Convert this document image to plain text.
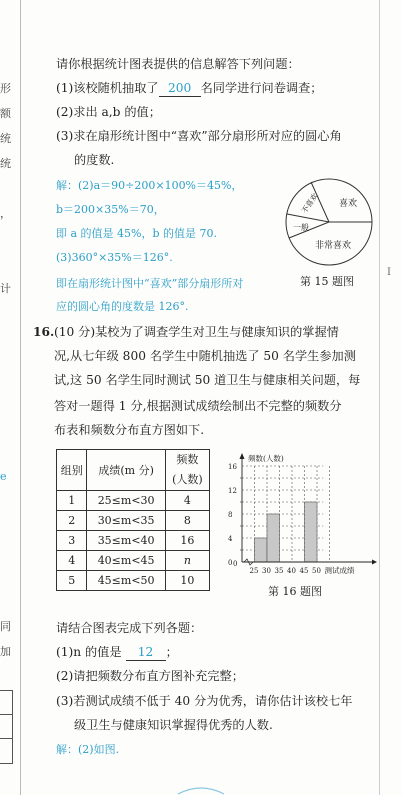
形
额
统
统
，
计
e
同
加
I
请你根据统计图表提供的信息解答下列问题：
(1)该校随机抽取了 200 名同学进行问卷调查；
(2)求出 a,b 的值；
(3)求在扇形统计图中“喜欢”部分扇形所对应的圆心角
的度数.
解：(2)a＝90÷200×100%＝45%，
b＝200×35%＝70，
即 a 的值是 45%，b 的值是 70.
(3)360°×35%＝126°.
即在扇形统计图中“喜欢”部分扇形所对
应的圆心角的度数是 126°.
不喜欢
一般
喜欢
非常喜欢
第 15 题图
16. (10 分)某校为了调查学生对卫生与健康知识的掌握情
况,从七年级 800 名学生中随机抽选了 50 名学生参加测
试,这 50 名学生同时测试 50 道卫生与健康相关问题，每
答对一题得 1 分,根据测试成绩绘制出不完整的频数分
布表和频数分布直方图如下.
组别	成绩(m 分)	频数
(人数)

1	25≤m<30	4
2	30≤m<35	8
3	35≤m<40	16
4	40≤m<45	n
5	45≤m<50	10
0
4
8
12
16
25 30 35 40 45 50
0
频数(人数)
测试成绩
第 16 题图
请结合图表完成下列各题：
(1)n 的值是 12 ；
(2)请把频数分布直方图补充完整；
(3)若测试成绩不低于 40 分为优秀，请你估计该校七年
级卫生与健康知识掌握得优秀的人数.
解：(2)如图.
